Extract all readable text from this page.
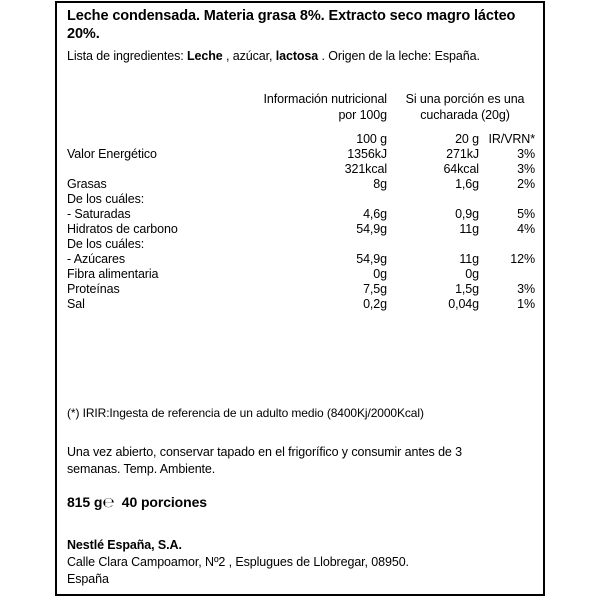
Leche condensada. Materia grasa 8%. Extracto seco magro lácteo 20%.
Lista de ingredientes: Leche , azúcar, lactosa . Origen de la leche: España.

Información nutricional
por 100g

Si una porción es una
cucharada (20g)

	100 g	20 g	IR/VRN*
Valor Energético	1356kJ	271kJ	3%
	321kcal	64kcal	3%
Grasas	8g	1,6g	2%
De los cuáles:			
- Saturadas	4,6g	0,9g	5%
Hidratos de carbono	54,9g	11g	4%
De los cuáles:			
- Azúcares	54,9g	11g	12%
Fibra alimentaria	0g	0g	
Proteínas	7,5g	1,5g	3%
Sal	0,2g	0,04g	1%
(*) IRIR:Ingesta de referencia de un adulto medio (8400Kj/2000Kcal)
Una vez abierto, conservar tapado en el frigorífico y consumir antes de 3 semanas. Temp. Ambiente.
815 g℮ 40 porciones
Nestlé España, S.A.
Calle Clara Campoamor, Nº2 , Esplugues de Llobregar, 08950.
España
